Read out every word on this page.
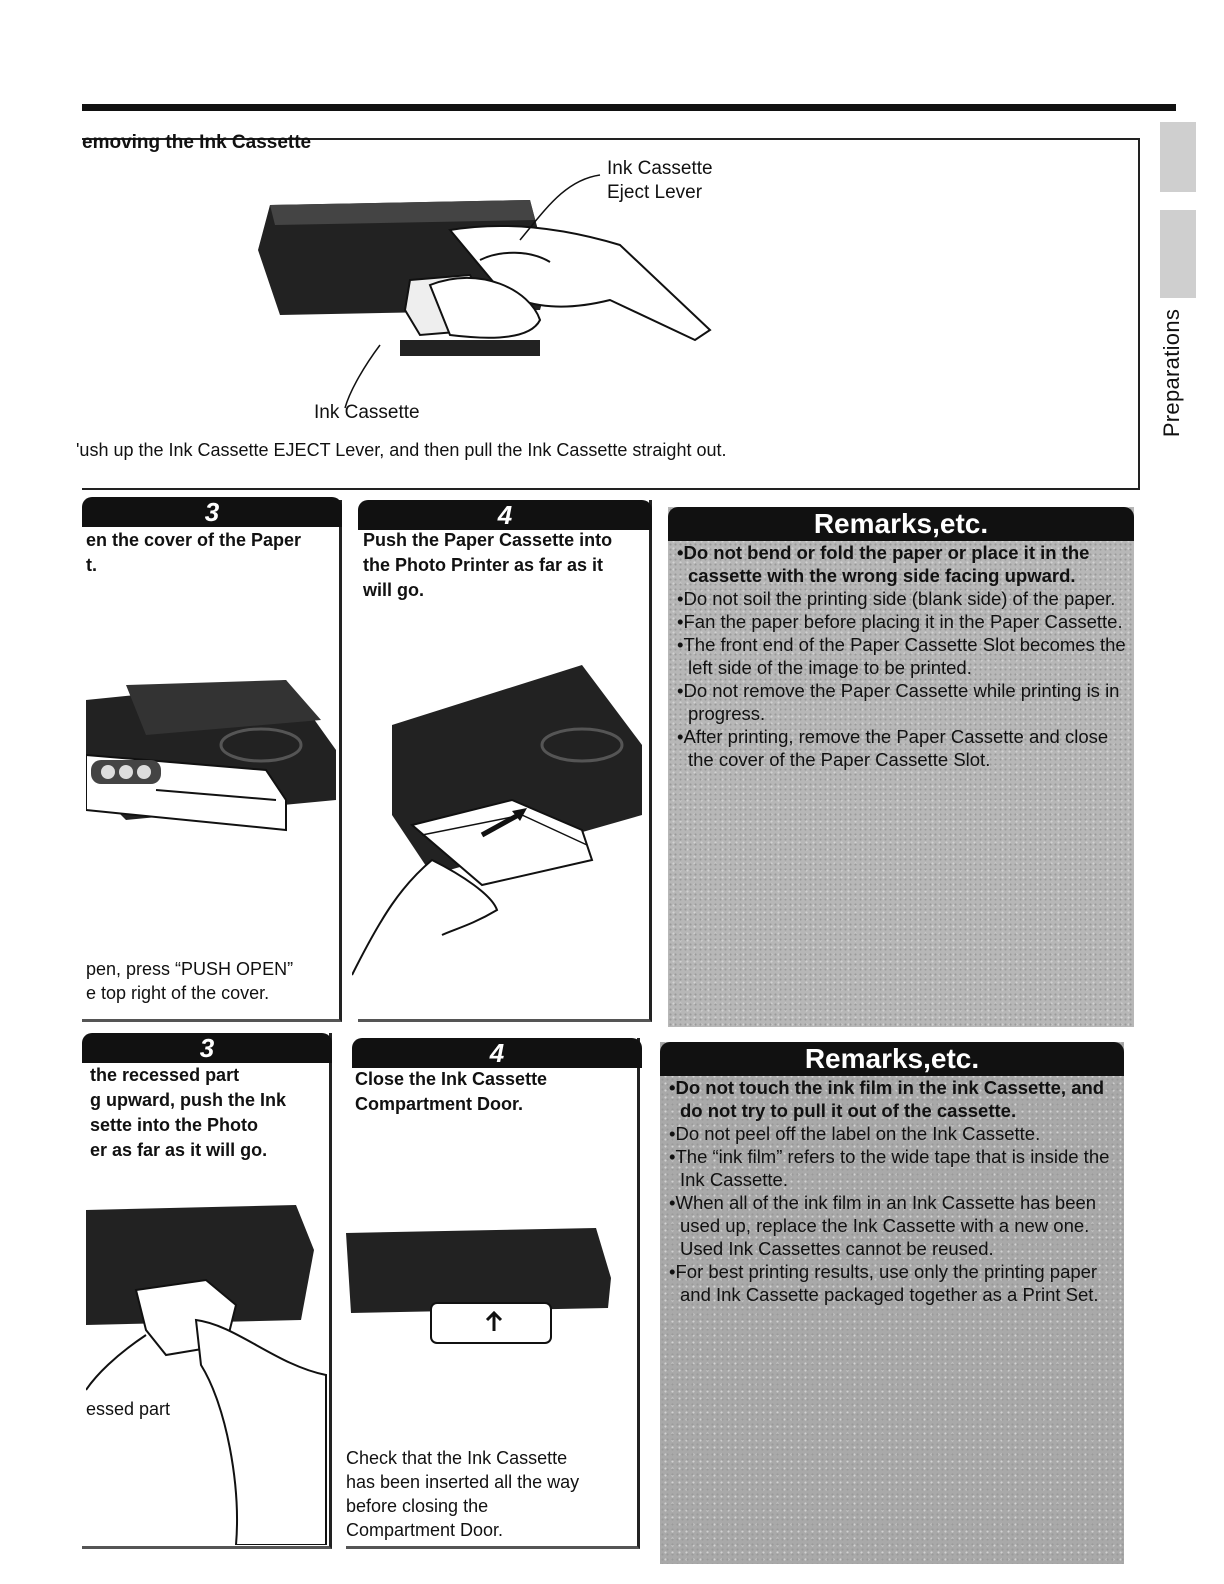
Preparations
emoving the Ink Cassette
Ink Cassette
Eject Lever
Ink Cassette
'ush up the Ink Cassette EJECT Lever, and then pull the Ink Cassette straight out.
3
en the cover of the Paper
t.
pen, press “PUSH OPEN”
e top right of the cover.
4
Push the Paper Cassette into
the Photo Printer as far as it
will go.
Remarks,etc.
•Do not bend or fold the paper or place it in the cassette with the wrong side facing upward.
•Do not soil the printing side (blank side) of the paper.
•Fan the paper before placing it in the Paper Cassette.
•The front end of the Paper Cassette Slot becomes the left side of the image to be printed.
•Do not remove the Paper Cassette while printing is in progress.
•After printing, remove the Paper Cassette and close the cover of the Paper Cassette Slot.
3
the recessed part
g upward, push the Ink
sette into the Photo
er as far as it will go.
essed part
4
Close the Ink Cassette
Compartment Door.
Check that the Ink Cassette
has been inserted all the way
before closing the
Compartment Door.
Remarks,etc.
•Do not touch the ink film in the ink Cassette, and do not try to pull it out of the cassette.
•Do not peel off the label on the Ink Cassette.
•The “ink film” refers to the wide tape that is inside the Ink Cassette.
•When all of the ink film in an Ink Cassette has been used up, replace the Ink Cassette with a new one. Used Ink Cassettes cannot be reused.
•For best printing results, use only the printing paper and Ink Cassette packaged together as a Print Set.
